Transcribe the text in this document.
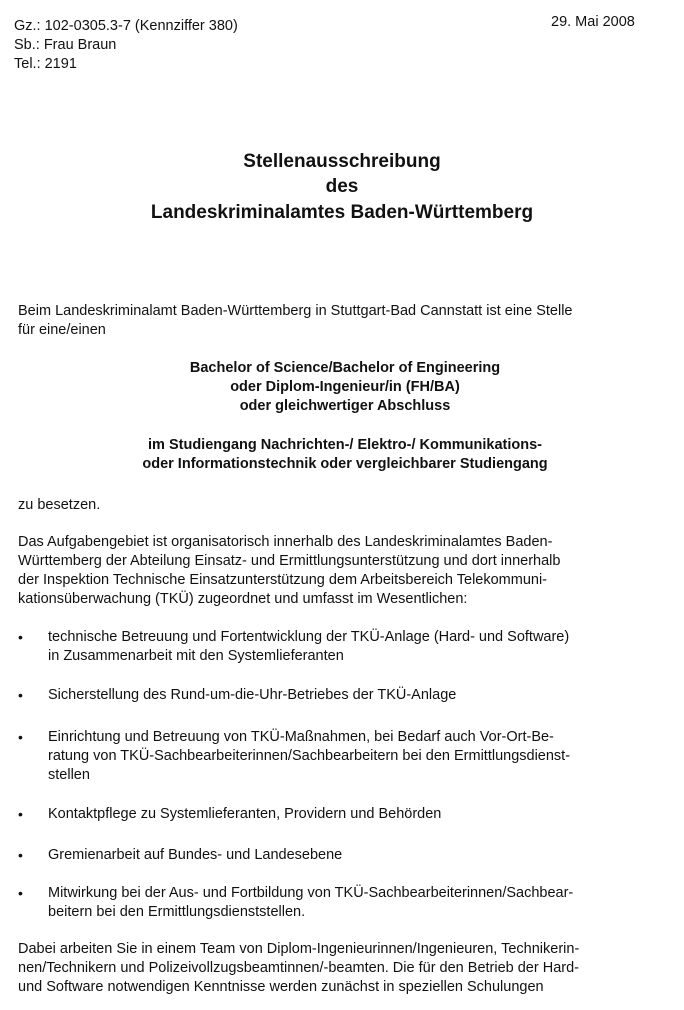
Gz.: 102-0305.3-7 (Kennziffer 380)
Sb.: Frau Braun
Tel.: 2191
29. Mai 2008
Stellenausschreibung
des
Landeskriminalamtes Baden-Württemberg
Beim Landeskriminalamt Baden-Württemberg in Stuttgart-Bad Cannstatt ist eine Stelle
für eine/einen
Bachelor of Science/Bachelor of Engineering
oder Diplom-Ingenieur/in (FH/BA)
oder gleichwertiger Abschluss
im Studiengang Nachrichten-/ Elektro-/ Kommunikations-
oder Informationstechnik oder vergleichbarer Studiengang
zu besetzen.
Das Aufgabengebiet ist organisatorisch innerhalb des Landeskriminalamtes Baden-
Württemberg der Abteilung Einsatz- und Ermittlungsunterstützung und dort innerhalb
der Inspektion Technische Einsatzunterstützung dem Arbeitsbereich Telekommuni-
kationsüberwachung (TKÜ) zugeordnet und umfasst im Wesentlichen:
• technische Betreuung und Fortentwicklung der TKÜ-Anlage (Hard- und Software)
in Zusammenarbeit mit den Systemlieferanten
• Sicherstellung des Rund-um-die-Uhr-Betriebes der TKÜ-Anlage
• Einrichtung und Betreuung von TKÜ-Maßnahmen, bei Bedarf auch Vor-Ort-Be-
ratung von TKÜ-Sachbearbeiterinnen/Sachbearbeitern bei den Ermittlungsdienst-
stellen
• Kontaktpflege zu Systemlieferanten, Providern und Behörden
• Gremienarbeit auf Bundes- und Landesebene
• Mitwirkung bei der Aus- und Fortbildung von TKÜ-Sachbearbeiterinnen/Sachbear-
beitern bei den Ermittlungsdienststellen.
Dabei arbeiten Sie in einem Team von Diplom-Ingenieurinnen/Ingenieuren, Technikerin-
nen/Technikern und Polizeivollzugsbeamtinnen/-beamten. Die für den Betrieb der Hard-
und Software notwendigen Kenntnisse werden zunächst in speziellen Schulungen
